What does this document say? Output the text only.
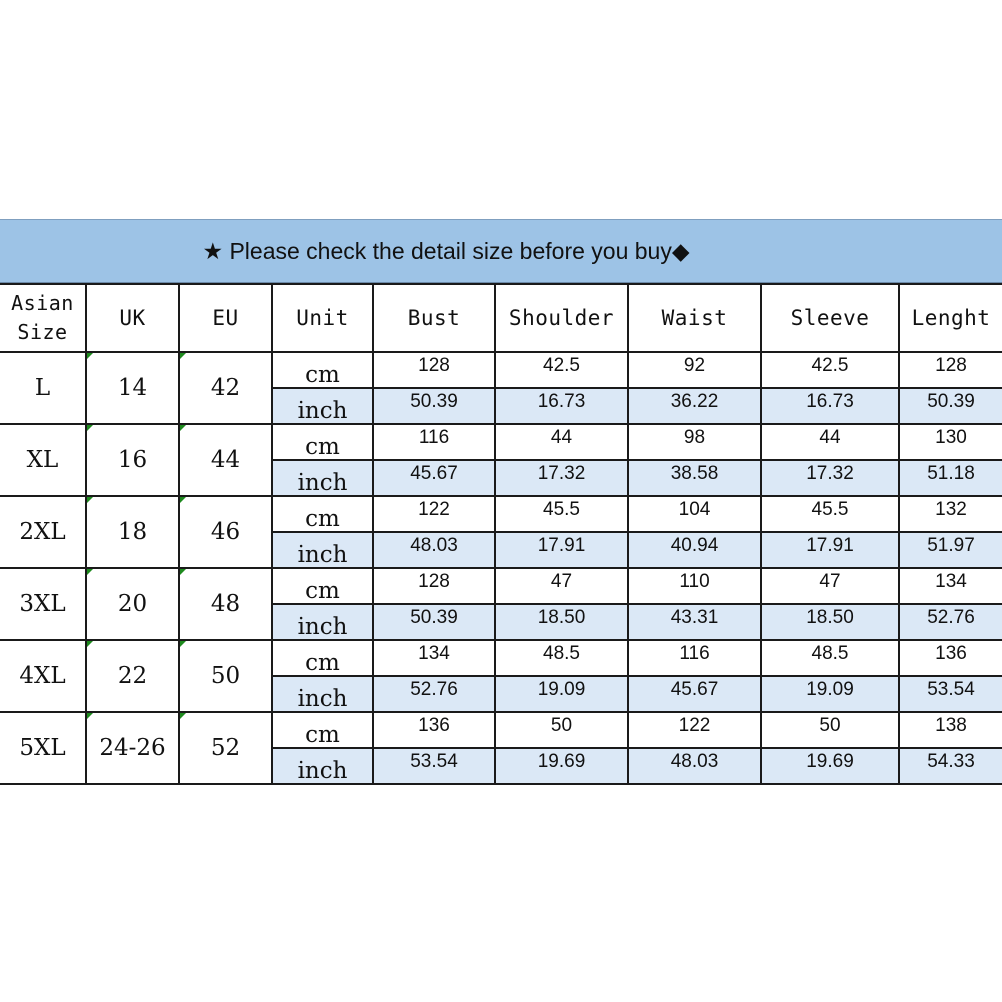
★ Please check the detail size before you buy◆
Asian
Size	UK	EU	Unit	Bust	Shoulder	Waist	Sleeve	Lenght
L	14	42	cm	128	42.5	92	42.5	128
			inch	50.39	16.73	36.22	16.73	50.39
XL	16	44	cm	116	44	98	44	130
			inch	45.67	17.32	38.58	17.32	51.18
2XL	18	46	cm	122	45.5	104	45.5	132
			inch	48.03	17.91	40.94	17.91	51.97
3XL	20	48	cm	128	47	110	47	134
			inch	50.39	18.50	43.31	18.50	52.76
4XL	22	50	cm	134	48.5	116	48.5	136
			inch	52.76	19.09	45.67	19.09	53.54
5XL	24-26	52	cm	136	50	122	50	138
			inch	53.54	19.69	48.03	19.69	54.33
